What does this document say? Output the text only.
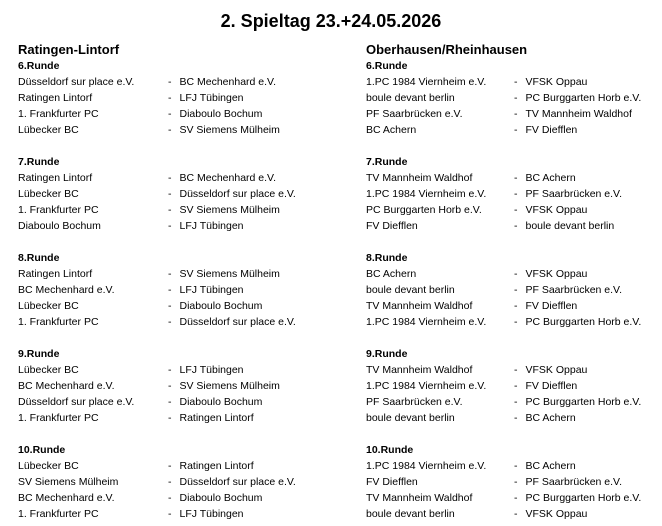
2. Spieltag 23.+24.05.2026
Ratingen-Lintorf
6.Runde
Düsseldorf sur place e.V.	- BC Mechenhard e.V.
Ratingen Lintorf	- LFJ Tübingen
1. Frankfurter PC	- Diaboulo Bochum
Lübecker BC	- SV Siemens Mülheim
7.Runde
Ratingen Lintorf	- BC Mechenhard e.V.
Lübecker BC	- Düsseldorf sur place e.V.
1. Frankfurter PC	- SV Siemens Mülheim
Diaboulo Bochum	- LFJ Tübingen
8.Runde
Ratingen Lintorf	- SV Siemens Mülheim
BC Mechenhard e.V.	- LFJ Tübingen
Lübecker BC	- Diaboulo Bochum
1. Frankfurter PC	- Düsseldorf sur place e.V.
9.Runde
Lübecker BC	- LFJ Tübingen
BC Mechenhard e.V.	- SV Siemens Mülheim
Düsseldorf sur place e.V.	- Diaboulo Bochum
1. Frankfurter PC	- Ratingen Lintorf
10.Runde
Lübecker BC	- Ratingen Lintorf
SV Siemens Mülheim	- Düsseldorf sur place e.V.
BC Mechenhard e.V.	- Diaboulo Bochum
1. Frankfurter PC	- LFJ Tübingen
Oberhausen/Rheinhausen
6.Runde
1.PC 1984 Viernheim e.V.	- VFSK Oppau
boule devant berlin	- PC Burggarten Horb e.V.
PF Saarbrücken e.V.	- TV Mannheim Waldhof
BC Achern	- FV Diefflen
7.Runde
TV Mannheim Waldhof	- BC Achern
1.PC 1984 Viernheim e.V.	- PF Saarbrücken e.V.
PC Burggarten Horb e.V.	- VFSK Oppau
FV Diefflen	- boule devant berlin
8.Runde
BC Achern	- VFSK Oppau
boule devant berlin	- PF Saarbrücken e.V.
TV Mannheim Waldhof	- FV Diefflen
1.PC 1984 Viernheim e.V.	- PC Burggarten Horb e.V.
9.Runde
TV Mannheim Waldhof	- VFSK Oppau
1.PC 1984 Viernheim e.V.	- FV Diefflen
PF Saarbrücken e.V.	- PC Burggarten Horb e.V.
boule devant berlin	- BC Achern
10.Runde
1.PC 1984 Viernheim e.V.	- BC Achern
FV Diefflen	- PF Saarbrücken e.V.
TV Mannheim Waldhof	- PC Burggarten Horb e.V.
boule devant berlin	- VFSK Oppau
